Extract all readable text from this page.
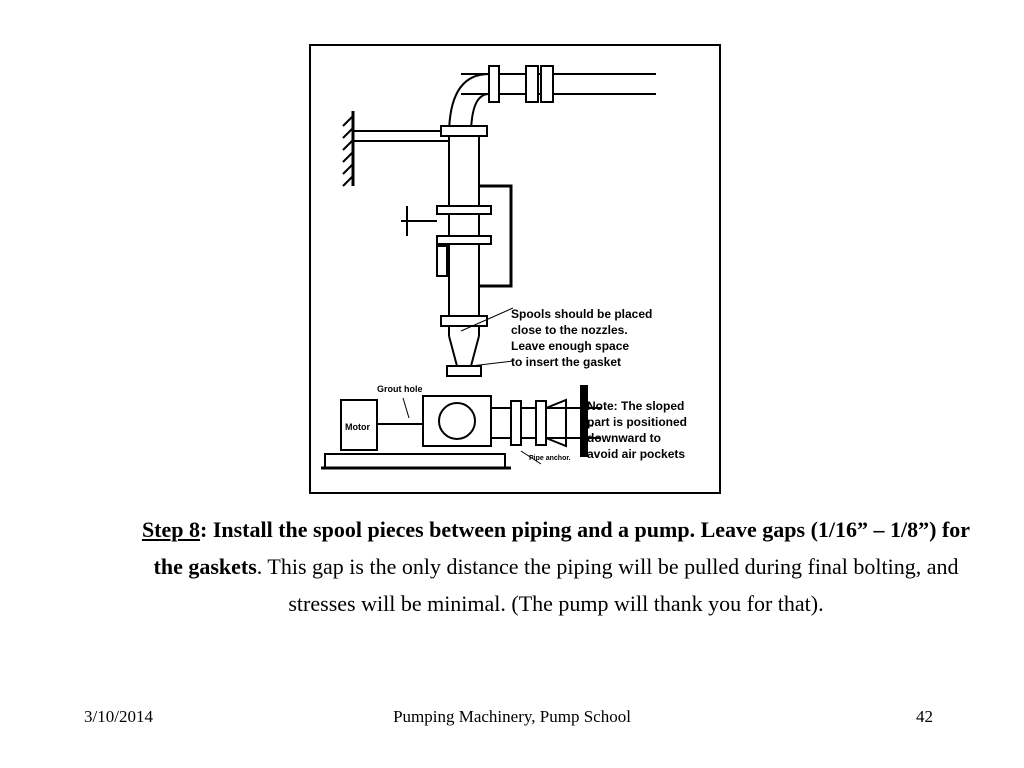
Spools should be placed
close to the nozzles.
Leave enough space
to insert the gasket
Note: The sloped
part is positioned
downward to
avoid air pockets
Grout hole
Motor
Pipe anchor.
Step 8: Install the spool pieces between piping and a pump. Leave gaps (1/16” – 1/8”) for the gaskets. This gap is the only distance the piping will be pulled during final bolting, and stresses will be minimal. (The pump will thank you for that).
3/10/2014	Pumping Machinery, Pump School	42
